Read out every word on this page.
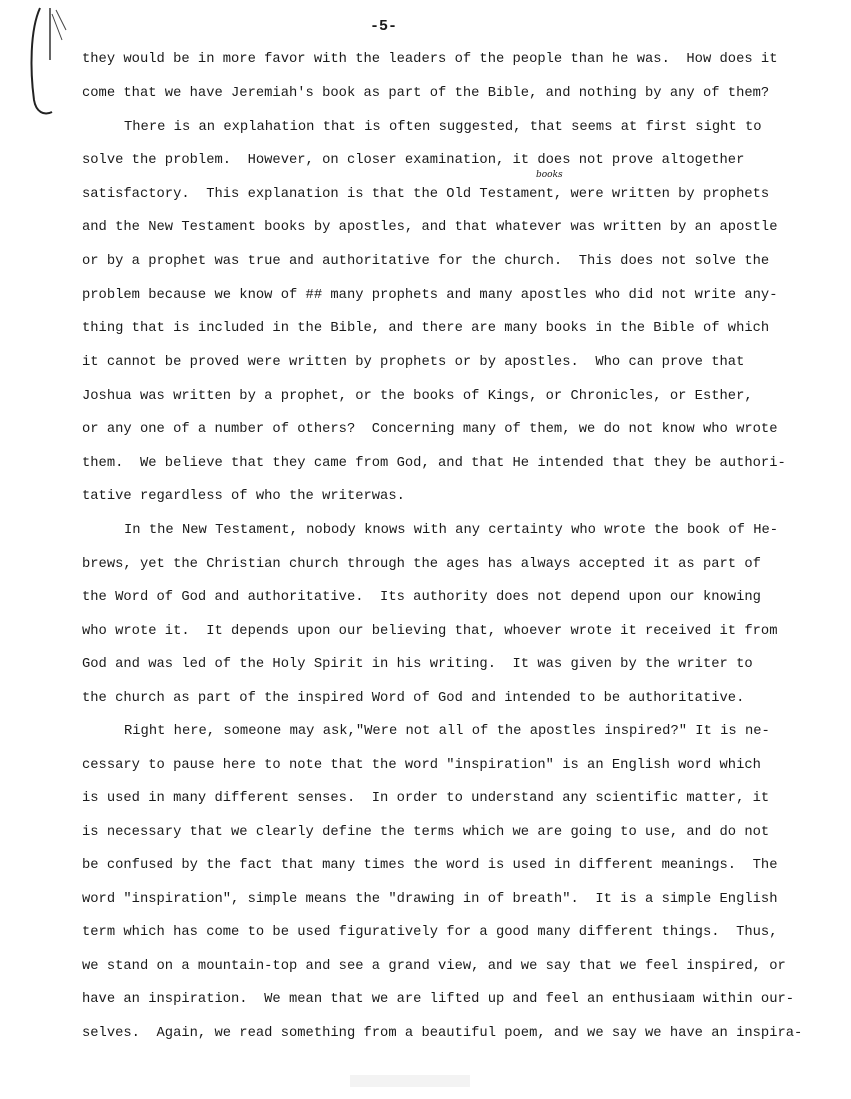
-5-
books
they would be in more favor with the leaders of the people than he was.  How does it
come that we have Jeremiah's book as part of the Bible, and nothing by any of them?
There is an explahation that is often suggested, that seems at first sight to
solve the problem.  However, on closer examination, it does not prove altogether
satisfactory.  This explanation is that the Old Testament, were written by prophets
and the New Testament books by apostles, and that whatever was written by an apostle
or by a prophet was true and authoritative for the church.  This does not solve the
problem because we know of ## many prophets and many apostles who did not write any-
thing that is included in the Bible, and there are many books in the Bible of which
it cannot be proved were written by prophets or by apostles.  Who can prove that
Joshua was written by a prophet, or the books of Kings, or Chronicles, or Esther,
or any one of a number of others?  Concerning many of them, we do not know who wrote
them.  We believe that they came from God, and that He intended that they be authori-
tative regardless of who the writerwas.
In the New Testament, nobody knows with any certainty who wrote the book of He-
brews, yet the Christian church through the ages has always accepted it as part of
the Word of God and authoritative.  Its authority does not depend upon our knowing
who wrote it.  It depends upon our believing that, whoever wrote it received it from
God and was led of the Holy Spirit in his writing.  It was given by the writer to
the church as part of the inspired Word of God and intended to be authoritative.
Right here, someone may ask,"Were not all of the apostles inspired?" It is ne-
cessary to pause here to note that the word "inspiration" is an English word which
is used in many different senses.  In order to understand any scientific matter, it
is necessary that we clearly define the terms which we are going to use, and do not
be confused by the fact that many times the word is used in different meanings.  The
word "inspiration", simple means the "drawing in of breath".  It is a simple English
term which has come to be used figuratively for a good many different things.  Thus,
we stand on a mountain-top and see a grand view, and we say that we feel inspired, or
have an inspiration.  We mean that we are lifted up and feel an enthusiaam within our-
selves.  Again, we read something from a beautiful poem, and we say we have an inspira-
